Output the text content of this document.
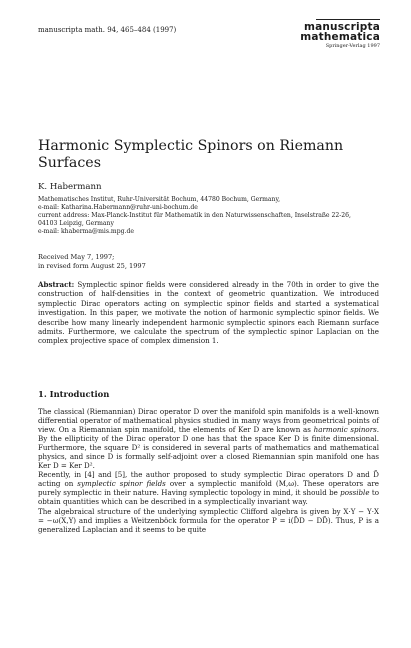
manuscripta math. 94, 465–484 (1997)	manuscripta
mathematica
Springer-Verlag 1997
Harmonic Symplectic Spinors on Riemann
Surfaces
K. Habermann
Mathematisches Institut, Ruhr-Universität Bochum, 44780 Bochum, Germany,
e-mail: Katharina.Habermann@ruhr-uni-bochum.de
current address: Max-Planck-Institut für Mathematik in den Naturwissenschaften, Inselstraße 22-26,
04103 Leipzig, Germany
e-mail: khaberma@mis.mpg.de
Received May 7, 1997;
in revised form August 25, 1997

Abstract: Symplectic spinor fields were considered already in the 70th in order to give the construction of half-densities in the context of geometric quantization. We introduced symplectic Dirac operators acting on symplectic spinor fields and started a systematical investigation. In this paper, we motivate the notion of harmonic symplectic spinor fields. We describe how many linearly independent harmonic symplectic spinors each Riemann surface admits. Furthermore, we calculate the spectrum of the symplectic spinor Laplacian on the complex projective space of complex dimension 1.

1. Introduction

The classical (Riemannian) Dirac operator D over the manifold spin manifolds is a well-known differential operator of mathematical physics studied in many ways from geometrical points of view. On a Riemannian spin manifold, the elements of Ker D are known as harmonic spinors. By the ellipticity of the Dirac operator D one has that the space Ker D is finite dimensional. Furthermore, the square D² is considered in several parts of mathematics and mathematical physics, and since D is formally self-adjoint over a closed Riemannian spin manifold one has Ker D = Ker D².

Recently, in [4] and [5], the author proposed to study symplectic Dirac operators D and D̃ acting on symplectic spinor fields over a symplectic manifold (M,ω). These operators are purely symplectic in their nature. Having symplectic topology in mind, it should be possible to obtain quantities which can be described in a symplectically invariant way.

The algebraical structure of the underlying symplectic Clifford algebra is given by X·Y − Y·X = −ω(X,Y) and implies a Weitzenböck formula for the operator P = i(D̃D − DD̃). Thus, P is a generalized Laplacian and it seems to be quite
